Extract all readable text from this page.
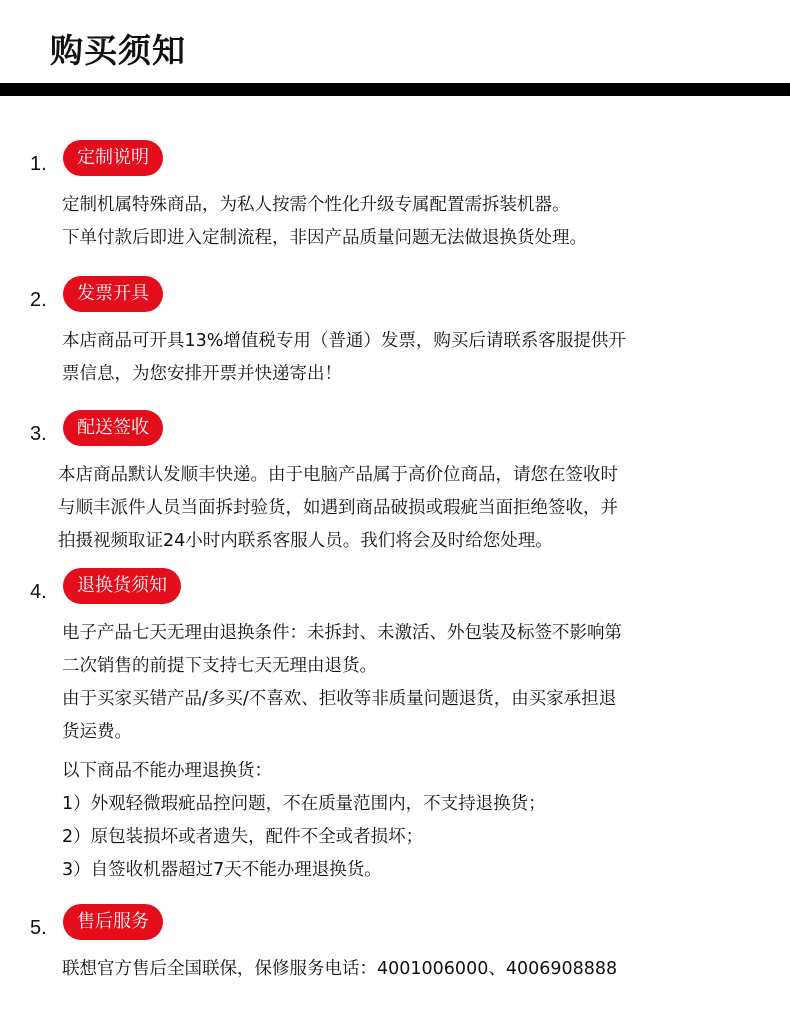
购买须知
1.	定制说明
定制机属特殊商品，为私人按需个性化升级专属配置需拆装机器。
下单付款后即进入定制流程，非因产品质量问题无法做退换货处理。
2.	发票开具
本店商品可开具13%增值税专用（普通）发票，购买后请联系客服提供开
票信息，为您安排开票并快递寄出！
3.	配送签收
本店商品默认发顺丰快递。由于电脑产品属于高价位商品，请您在签收时
与顺丰派件人员当面拆封验货，如遇到商品破损或瑕疵当面拒绝签收，并
拍摄视频取证24小时内联系客服人员。我们将会及时给您处理。
4.	退换货须知
电子产品七天无理由退换条件：未拆封、未激活、外包装及标签不影响第
二次销售的前提下支持七天无理由退货。
由于买家买错产品/多买/不喜欢、拒收等非质量问题退货，由买家承担退
货运费。
以下商品不能办理退换货：
1）外观轻微瑕疵品控问题，不在质量范围内，不支持退换货；
2）原包装损坏或者遗失，配件不全或者损坏；
3）自签收机器超过7天不能办理退换货。
5.	售后服务
联想官方售后全国联保，保修服务电话：4001006000、4006908888
